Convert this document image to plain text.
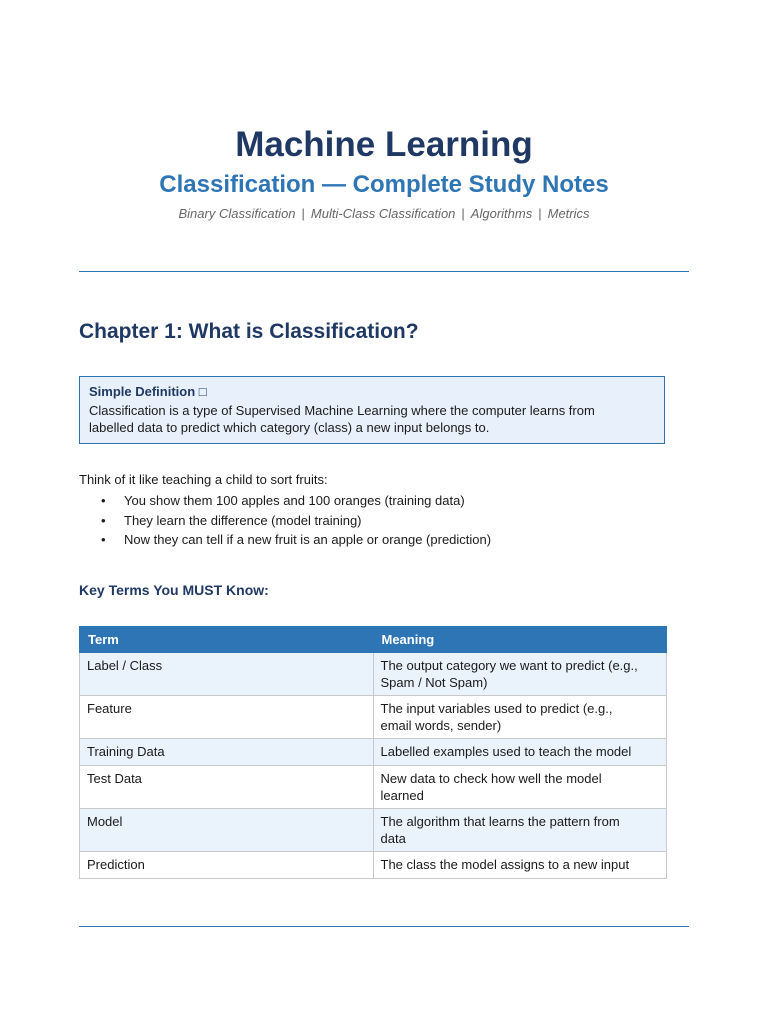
Machine Learning
Classification — Complete Study Notes
Binary Classification | Multi-Class Classification | Algorithms | Metrics
Chapter 1: What is Classification?
Simple Definition □
Classification is a type of Supervised Machine Learning where the computer learns from
labelled data to predict which category (class) a new input belongs to.
Think of it like teaching a child to sort fruits:
• You show them 100 apples and 100 oranges (training data)
• They learn the difference (model training)
• Now they can tell if a new fruit is an apple or orange (prediction)
Key Terms You MUST Know:
Term	Meaning
Label / Class	The output category we want to predict (e.g.,
Spam / Not Spam)

Feature	The input variables used to predict (e.g.,
email words, sender)

Training Data	Labelled examples used to teach the model

Test Data	New data to check how well the model
learned

Model	The algorithm that learns the pattern from
data

Prediction	The class the model assigns to a new input
